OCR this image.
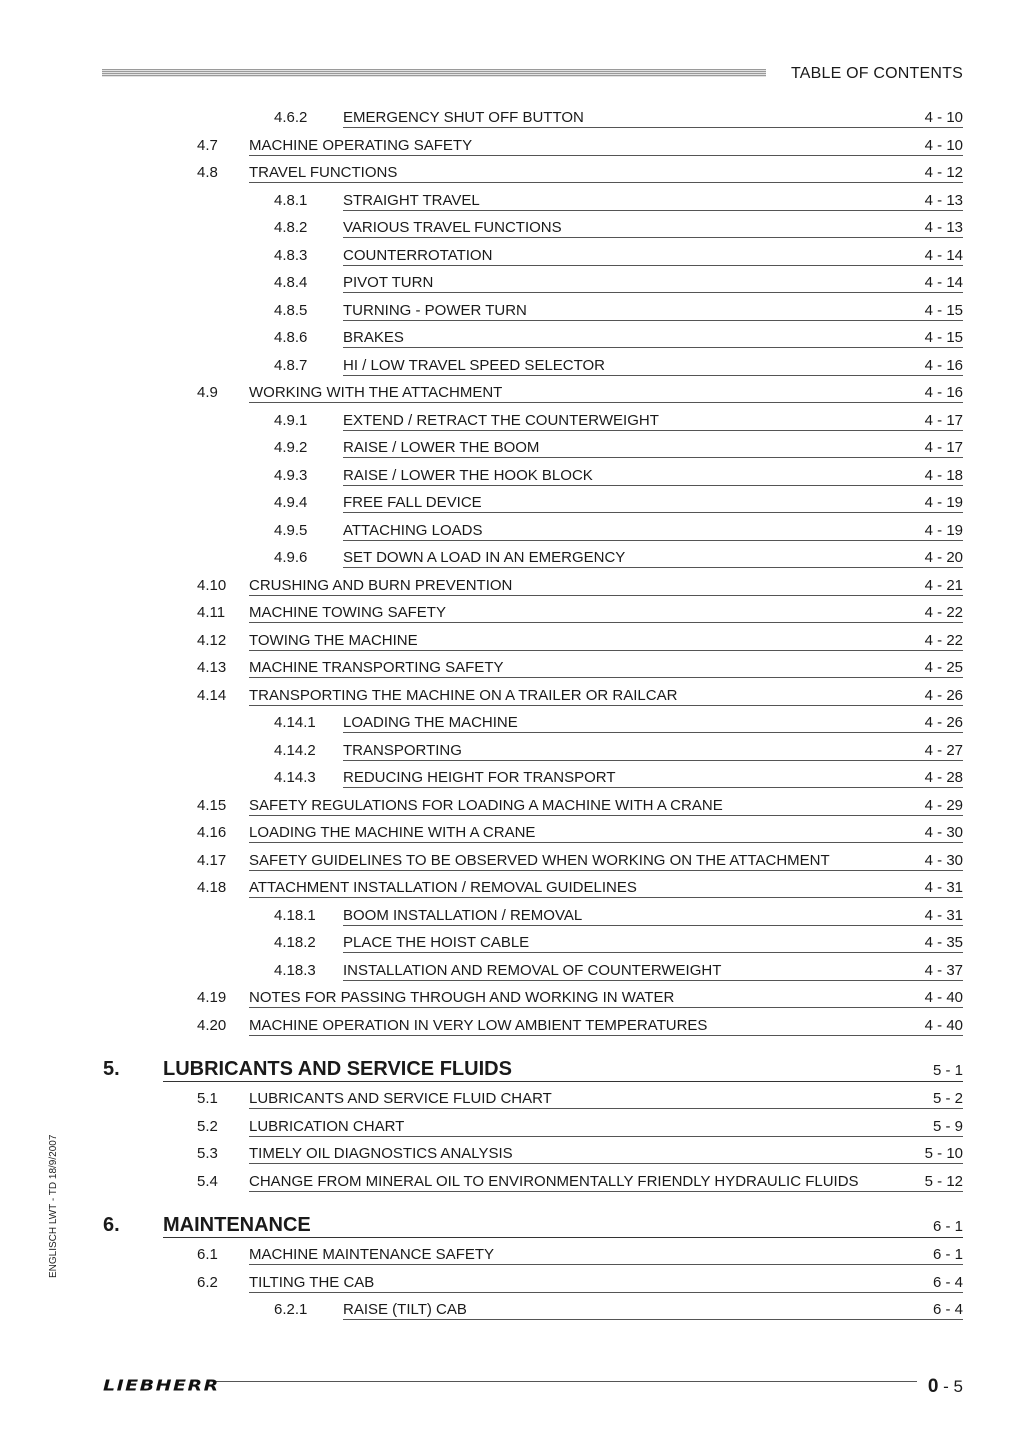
TABLE OF CONTENTS
ENGLISCH LWT - TD 18/9/2007
4.6.2 EMERGENCY SHUT OFF BUTTON	4 - 10
4.7 MACHINE OPERATING SAFETY	4 - 10
4.8 TRAVEL FUNCTIONS	4 - 12
4.8.1 STRAIGHT TRAVEL	4 - 13
4.8.2 VARIOUS TRAVEL FUNCTIONS	4 - 13
4.8.3 COUNTERROTATION	4 - 14
4.8.4 PIVOT TURN	4 - 14
4.8.5 TURNING - POWER TURN	4 - 15
4.8.6 BRAKES	4 - 15
4.8.7 HI / LOW TRAVEL SPEED SELECTOR	4 - 16
4.9 WORKING WITH THE ATTACHMENT	4 - 16
4.9.1 EXTEND / RETRACT THE COUNTERWEIGHT	4 - 17
4.9.2 RAISE / LOWER THE BOOM	4 - 17
4.9.3 RAISE / LOWER THE HOOK BLOCK	4 - 18
4.9.4 FREE FALL DEVICE	4 - 19
4.9.5 ATTACHING LOADS	4 - 19
4.9.6 SET DOWN A LOAD IN AN EMERGENCY	4 - 20
4.10 CRUSHING AND BURN PREVENTION	4 - 21
4.11 MACHINE TOWING SAFETY	4 - 22
4.12 TOWING THE MACHINE	4 - 22
4.13 MACHINE TRANSPORTING SAFETY	4 - 25
4.14 TRANSPORTING THE MACHINE ON A TRAILER OR RAILCAR	4 - 26
4.14.1 LOADING THE MACHINE	4 - 26
4.14.2 TRANSPORTING	4 - 27
4.14.3 REDUCING HEIGHT FOR TRANSPORT	4 - 28
4.15 SAFETY REGULATIONS FOR LOADING A MACHINE WITH A CRANE	4 - 29
4.16 LOADING THE MACHINE WITH A CRANE	4 - 30
4.17 SAFETY GUIDELINES TO BE OBSERVED WHEN WORKING ON THE ATTACHMENT	4 - 30
4.18 ATTACHMENT INSTALLATION / REMOVAL GUIDELINES	4 - 31
4.18.1 BOOM INSTALLATION / REMOVAL	4 - 31
4.18.2 PLACE THE HOIST CABLE	4 - 35
4.18.3 INSTALLATION AND REMOVAL OF COUNTERWEIGHT	4 - 37
4.19 NOTES FOR PASSING THROUGH AND WORKING IN WATER	4 - 40
4.20 MACHINE OPERATION IN VERY LOW AMBIENT TEMPERATURES	4 - 40
5. LUBRICANTS AND SERVICE FLUIDS	5 - 1
5.1 LUBRICANTS AND SERVICE FLUID CHART	5 - 2
5.2 LUBRICATION CHART	5 - 9
5.3 TIMELY OIL DIAGNOSTICS ANALYSIS	5 - 10
5.4 CHANGE FROM MINERAL OIL TO ENVIRONMENTALLY FRIENDLY HYDRAULIC FLUIDS	5 - 12
6. MAINTENANCE	6 - 1
6.1 MACHINE MAINTENANCE SAFETY	6 - 1
6.2 TILTING THE CAB	6 - 4
6.2.1 RAISE (TILT) CAB	6 - 4
LIEBHERR	0 - 5
